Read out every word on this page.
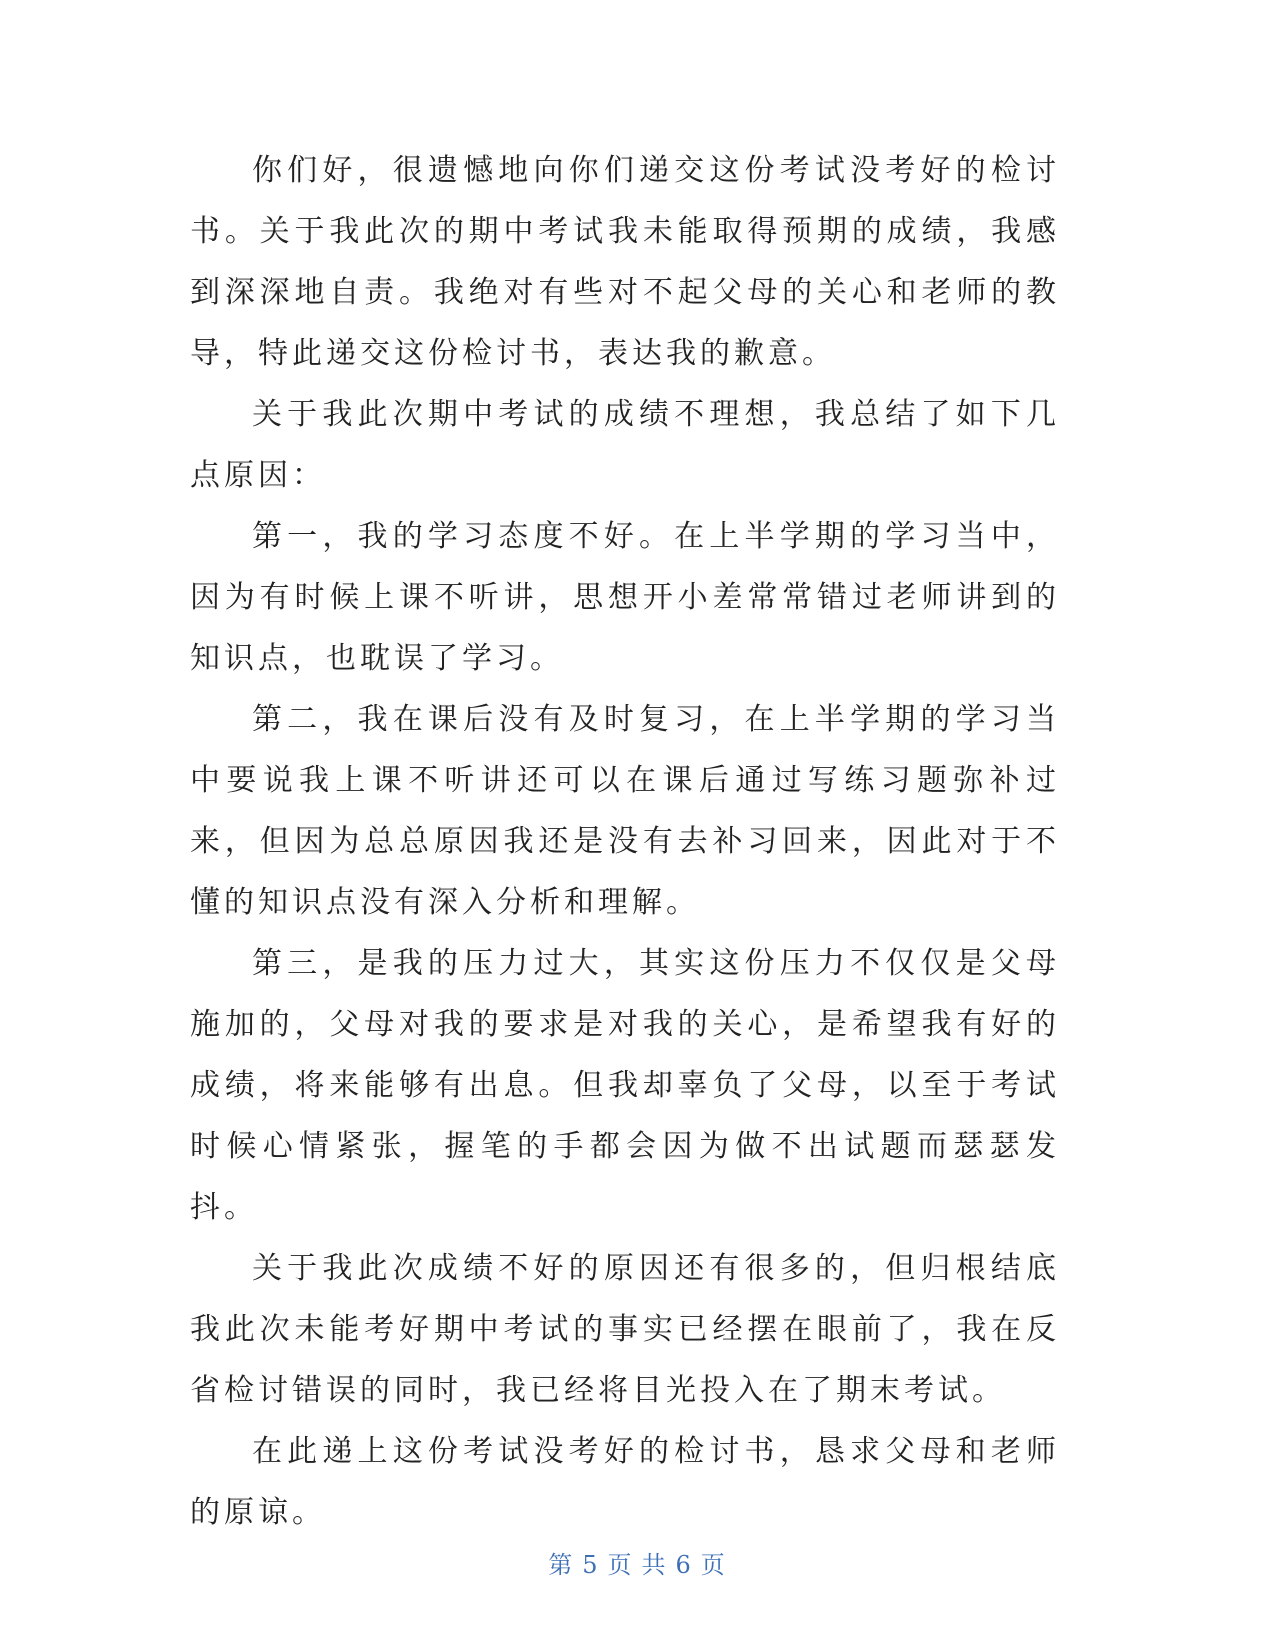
你们好，很遗憾地向你们递交这份考试没考好的检讨书。关于我此次的期中考试我未能取得预期的成绩，我感到深深地自责。我绝对有些对不起父母的关心和老师的教导，特此递交这份检讨书，表达我的歉意。

关于我此次期中考试的成绩不理想，我总结了如下几点原因：

第一，我的学习态度不好。在上半学期的学习当中，因为有时候上课不听讲，思想开小差常常错过老师讲到的知识点，也耽误了学习。

第二，我在课后没有及时复习，在上半学期的学习当中要说我上课不听讲还可以在课后通过写练习题弥补过来，但因为总总原因我还是没有去补习回来，因此对于不懂的知识点没有深入分析和理解。

第三，是我的压力过大，其实这份压力不仅仅是父母施加的，父母对我的要求是对我的关心，是希望我有好的成绩，将来能够有出息。但我却辜负了父母，以至于考试时候心情紧张，握笔的手都会因为做不出试题而瑟瑟发抖。

关于我此次成绩不好的原因还有很多的，但归根结底我此次未能考好期中考试的事实已经摆在眼前了，我在反省检讨错误的同时，我已经将目光投入在了期末考试。

在此递上这份考试没考好的检讨书，恳求父母和老师的原谅。

第 5 页 共 6 页
